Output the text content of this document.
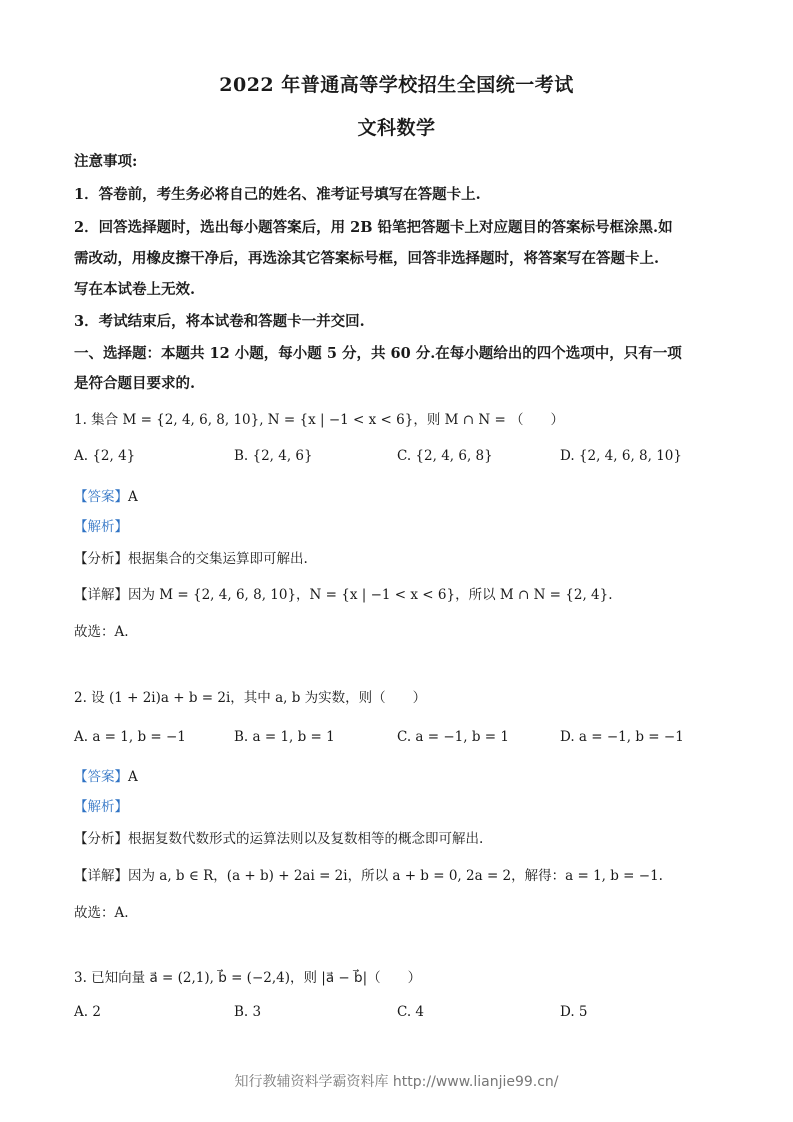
2022 年普通高等学校招生全国统一考试
文科数学
注意事项:
1．答卷前，考生务必将自己的姓名、准考证号填写在答题卡上.
2．回答选择题时，选出每小题答案后，用 2B 铅笔把答题卡上对应题目的答案标号框涂黑.如
需改动，用橡皮擦干净后，再选涂其它答案标号框，回答非选择题时，将答案写在答题卡上.
写在本试卷上无效.
3．考试结束后，将本试卷和答题卡一并交回.
一、选择题：本题共 12 小题，每小题 5 分，共 60 分.在每小题给出的四个选项中，只有一项
是符合题目要求的.
1. 集合 M = {2, 4, 6, 8, 10}, N = {x | −1 < x < 6}，则 M ∩ N = （　　）
A. {2, 4}	B. {2, 4, 6}	C. {2, 4, 6, 8}	D. {2, 4, 6, 8, 10}
【答案】A
【解析】
【分析】根据集合的交集运算即可解出.
【详解】因为 M = {2, 4, 6, 8, 10}，N = {x | −1 < x < 6}，所以 M ∩ N = {2, 4}.
故选：A.
2. 设 (1 + 2i)a + b = 2i，其中 a, b 为实数，则（　　）
A. a = 1, b = −1	B. a = 1, b = 1	C. a = −1, b = 1	D. a = −1, b = −1
【答案】A
【解析】
【分析】根据复数代数形式的运算法则以及复数相等的概念即可解出.
【详解】因为 a, b ∈ R，(a + b) + 2ai = 2i，所以 a + b = 0, 2a = 2，解得：a = 1, b = −1.
故选：A.
3. 已知向量 a⃗ = (2,1), b⃗ = (−2,4)，则 |a⃗ − b⃗|（　　）
A. 2	B. 3	C. 4	D. 5
知行教辅资料学霸资料库 http://www.lianjie99.cn/
